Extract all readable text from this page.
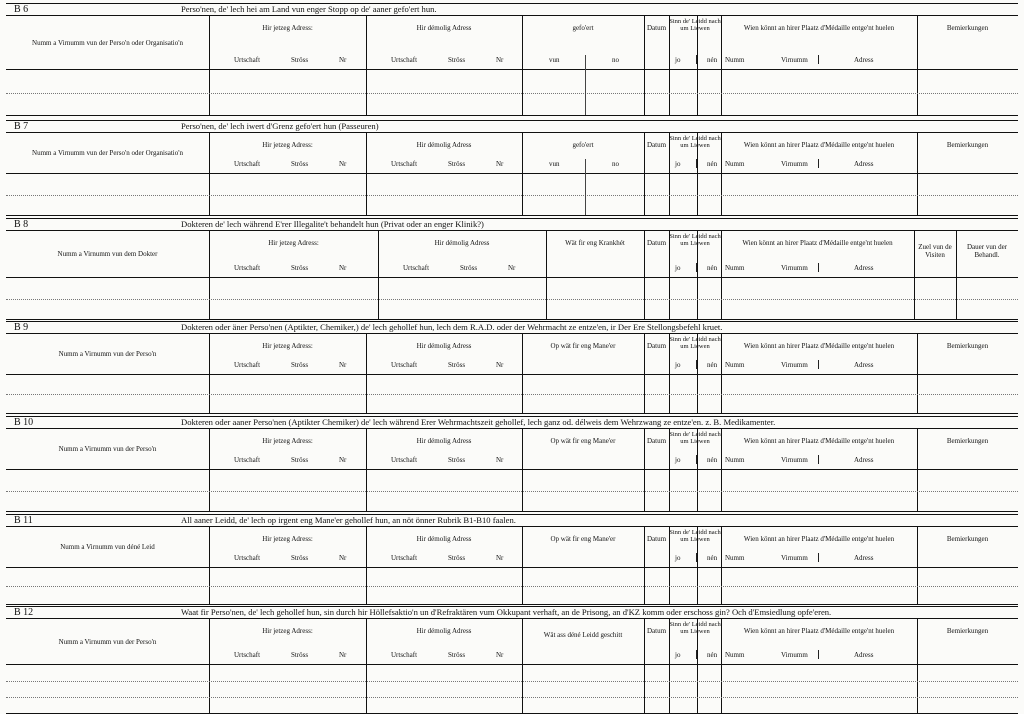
B 6	Perso'nen, de' lech hei am Land vun enger Stopp op de' aaner gefo'ert hun.
Numm a Virnumm vun der Perso'n oder Organisatio'n
Hir jetzeg Adress:
Urtschaft	Ströss	Nr
Hir démolig Adress
Urtschaft	Ströss	Nr
gefo'ert
vun	no
Datum
Sinn de' Leidd nach um Liewen
jo	nén
Wien könnt an hirer Plaatz d'Médaille entge'nt huelen
Numm	Virnumm	Adress
Bemierkungen
B 7	Perso'nen, de' lech iwert d'Grenz gefo'ert hun (Passeuren)
Numm a Virnumm vun der Perso'n oder Organisatio'n
Hir jetzeg Adress:
Urtschaft	Ströss	Nr
Hir démolig Adress
Urtschaft	Ströss	Nr
gefo'ert
vun	no
Datum
Sinn de' Leidd nach um Liewen
jo	nén
Wien könnt an hirer Plaatz d'Médaille entge'nt huelen
Numm	Virnumm	Adress
Bemierkungen
B 8	Dokteren de' lech während E'rer Illegalite't behandelt hun (Privat oder an enger Klinik?)
Numm a Virnumm vun dem Dokter
Hir jetzeg Adress:
Urtschaft	Ströss	Nr
Hir démolig Adress
Urtschaft	Ströss	Nr
Wät fir eng Krankhét	Datum
Sinn de' Leidd nach um Liewen
jo	nén
Wien könnt an hirer Plaatz d'Médaille entge'nt huelen
Numm	Virnumm	Adress
Zuel vun de Visiten
Dauer vun der Behandl.
B 9	Dokteren oder äner Perso'nen (Aptikter, Chemiker,) de' lech gehollef hun, lech dem R.A.D. oder der Wehrmacht ze entze'en, ir Der Ere Stellongsbefehl kruet.
Numm a Virnumm vun der Perso'n
Hir jetzeg Adress:
Urtschaft	Ströss	Nr
Hir démolig Adress
Urtschaft	Ströss	Nr
Op wät fir eng Mane'er	Datum
Sinn de' Leidd nach um Liewen
jo	nén
Wien könnt an hirer Plaatz d'Médaille entge'nt huelen
Numm	Virnumm	Adress
Bemierkungen
B 10	Dokteren oder aaner Perso'nen (Aptikter Chemiker) de' lech während Erer Wehrmachtszeit gehollef, lech ganz od. délweis dem Wehrzwang ze entze'en. z. B. Medikamenter.
Numm a Virnumm vun der Perso'n
Hir jetzeg Adress:
Urtschaft	Ströss	Nr
Hir démolig Adress
Urtschaft	Ströss	Nr
Op wät fir eng Mane'er	Datum
Sinn de' Leidd nach um Liewen
jo	nén
Wien könnt an hirer Plaatz d'Médaille entge'nt huelen
Numm	Virnumm	Adress
Bemierkungen
B 11	All aaner Leidd, de' lech op irgent eng Mane'er gehollef hun, an nöt önner Rubrik B1-B10 faalen.
Numm a Virnumm vun déné Leid
Hir jetzeg Adress:
Urtschaft	Ströss	Nr
Hir démolig Adress
Urtschaft	Ströss	Nr
Op wät fir eng Mane'er	Datum
Sinn de' Leidd nach um Liewen
jo	nén
Wien könnt an hirer Plaatz d'Médaille entge'nt huelen
Numm	Virnumm	Adress
Bemierkungen
B 12	Waat fir Perso'nen, de' lech gehollef hun, sin durch hir Höllefsaktio'n un d'Refraktären vum Okkupant verhaft, an de Prisong, an d'KZ komm oder erschoss gin? Och d'Emsiedlung opfe'eren.
Numm a Virnumm vun der Perso'n
Hir jetzeg Adress:
Urtschaft	Ströss	Nr
Hir démolig Adress
Urtschaft	Ströss	Nr
Wät ass déné Leidd geschitt	Datum
Sinn de' Leidd nach um Liewen
jo	nén
Wien könnt an hirer Plaatz d'Médaille entge'nt huelen
Numm	Virnumm	Adress
Bemierkungen
